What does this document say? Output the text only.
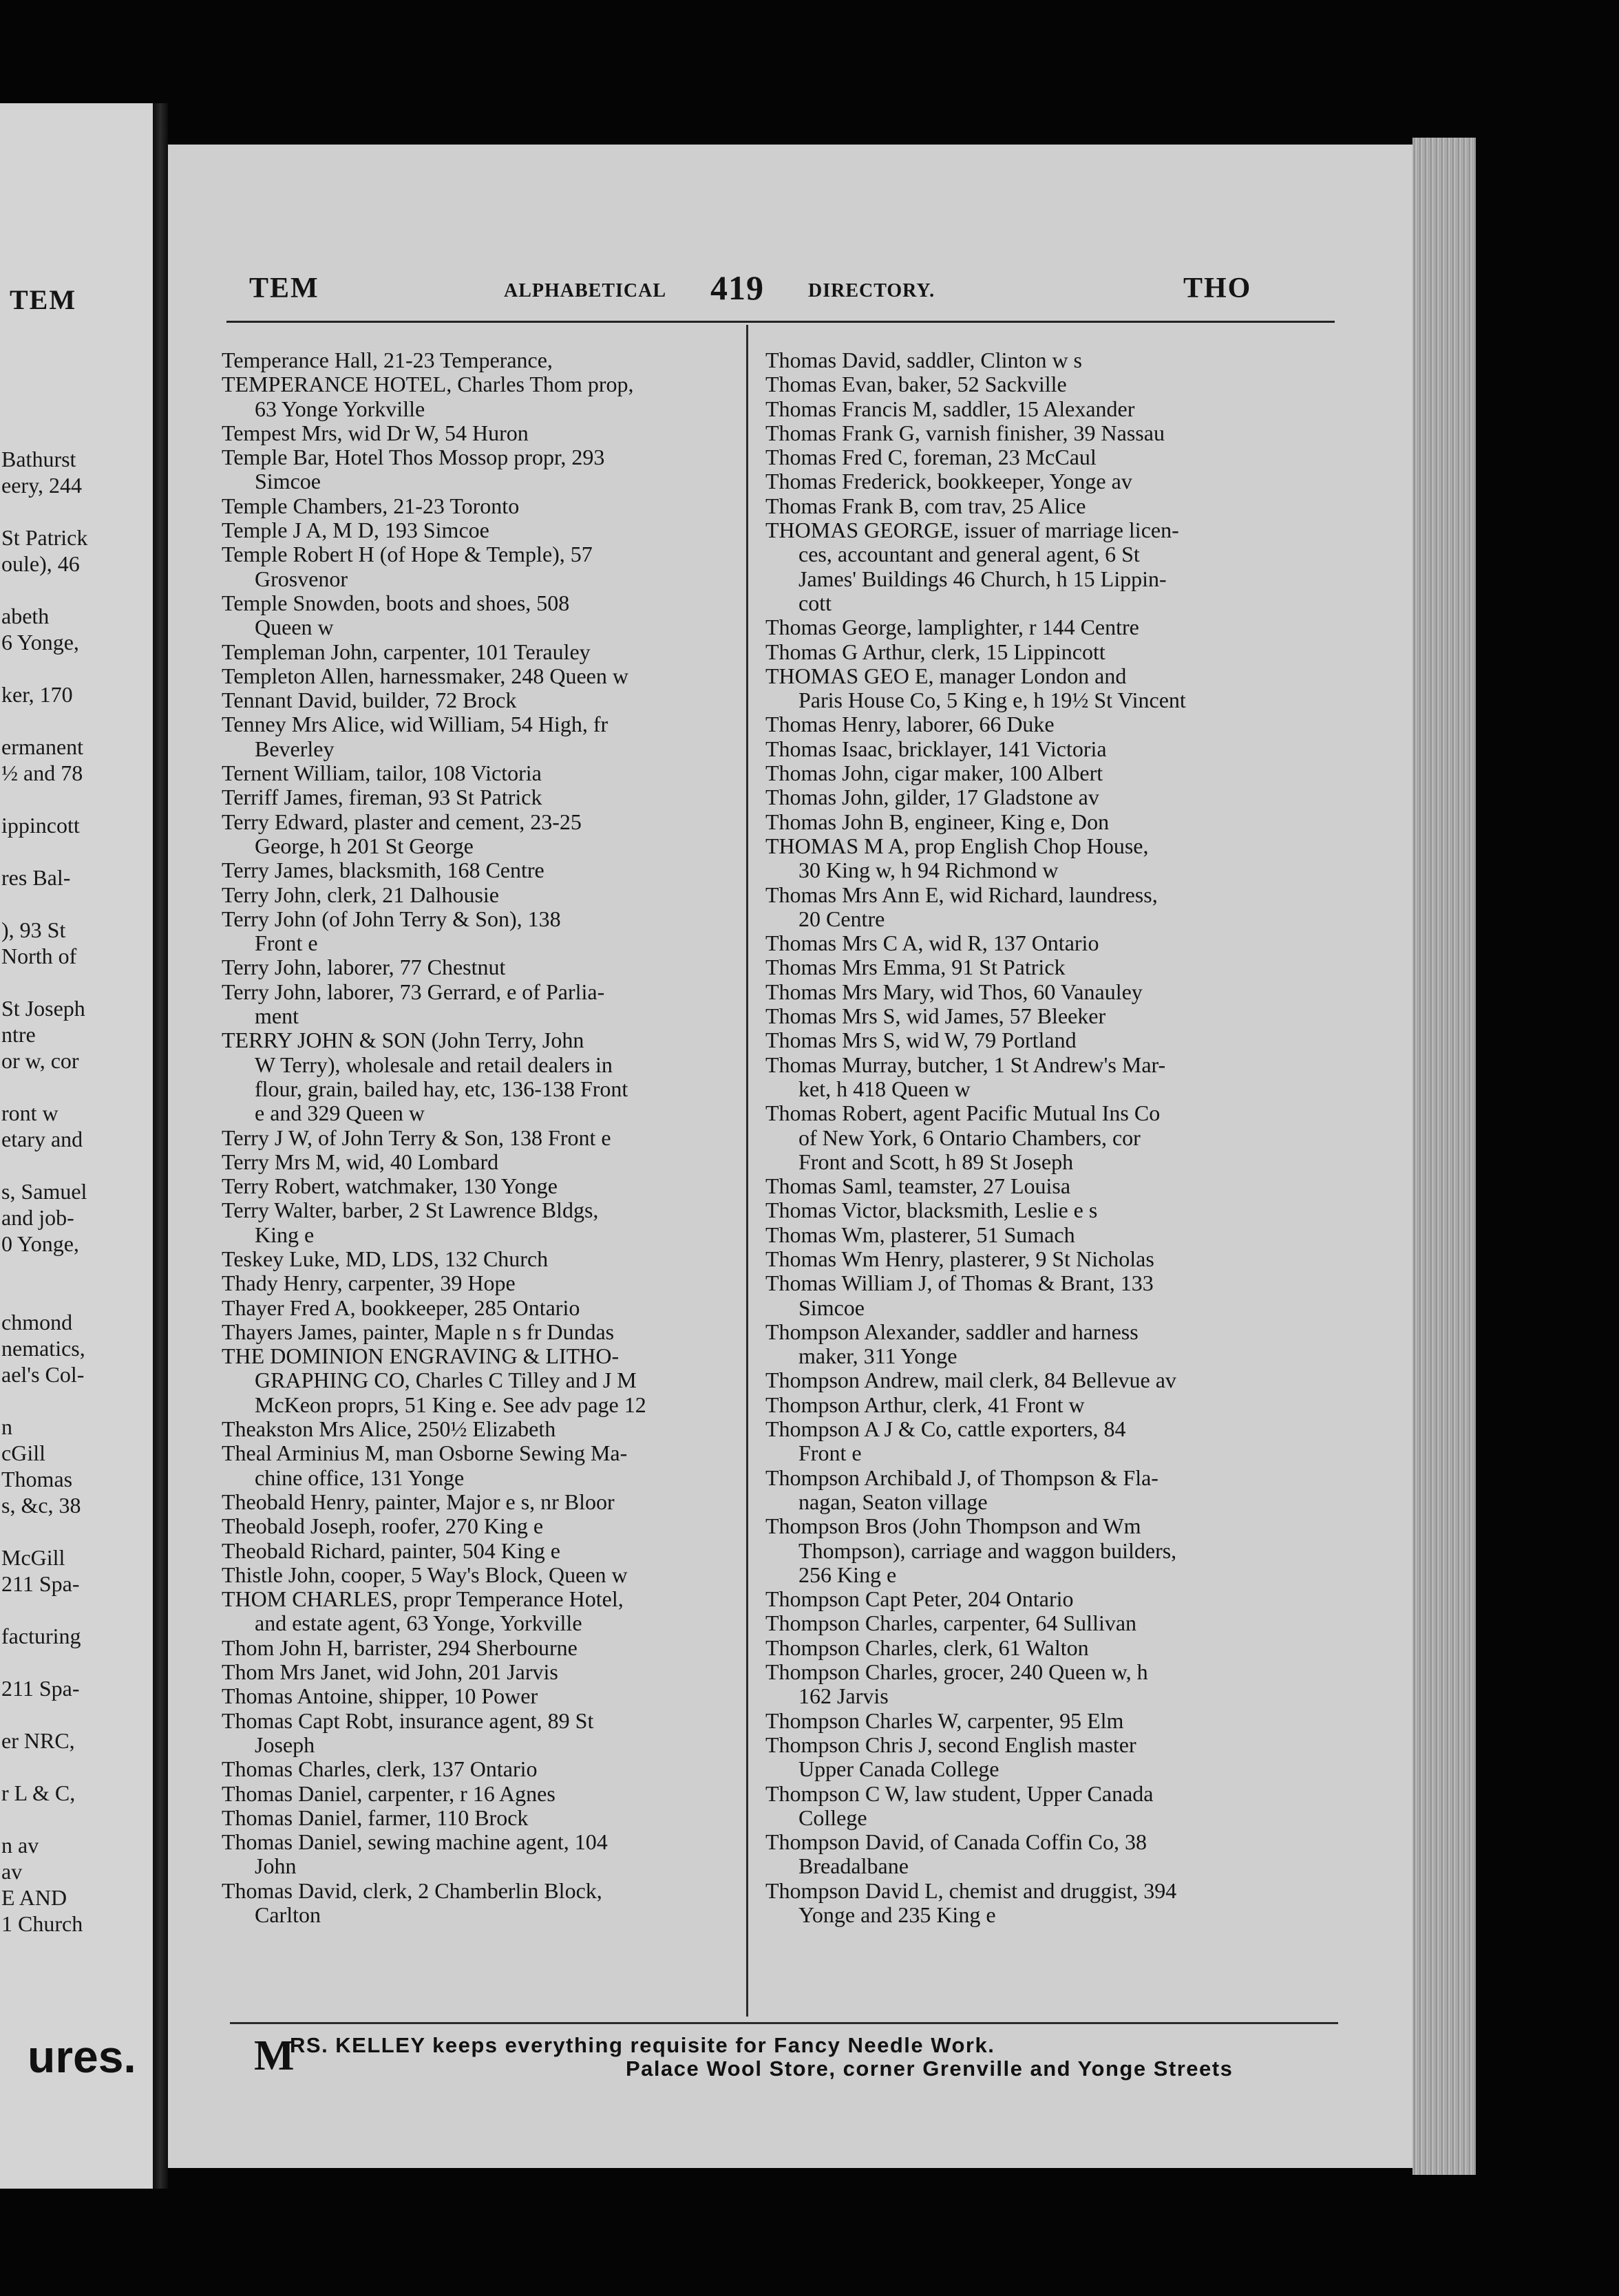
TEM
Bathurst
eery, 244
St Patrick
oule), 46
abeth
6 Yonge,
ker, 170
ermanent
½ and 78
ippincott
res Bal-
), 93 St
North of
St Joseph
ntre
or w, cor
ront w
etary and
s, Samuel
and job-
0 Yonge,
chmond
nematics,
ael's Col-
n
cGill
Thomas
s, &c, 38
McGill
211 Spa-
facturing
211 Spa-
er NRC,
r L & C,
n av
av
E AND
1 Church
ures.
TEM	ALPHABETICAL 419 DIRECTORY.	THO
Temperance Hall, 21-23 Temperance,
TEMPERANCE HOTEL, Charles Thom prop,
63 Yonge Yorkville
Tempest Mrs, wid Dr W, 54 Huron
Temple Bar, Hotel Thos Mossop propr, 293
Simcoe
Temple Chambers, 21-23 Toronto
Temple J A, M D, 193 Simcoe
Temple Robert H (of Hope & Temple), 57
Grosvenor
Temple Snowden, boots and shoes, 508
Queen w
Templeman John, carpenter, 101 Terauley
Templeton Allen, harnessmaker, 248 Queen w
Tennant David, builder, 72 Brock
Tenney Mrs Alice, wid William, 54 High, fr
Beverley
Ternent William, tailor, 108 Victoria
Terriff James, fireman, 93 St Patrick
Terry Edward, plaster and cement, 23-25
George, h 201 St George
Terry James, blacksmith, 168 Centre
Terry John, clerk, 21 Dalhousie
Terry John (of John Terry & Son), 138
Front e
Terry John, laborer, 77 Chestnut
Terry John, laborer, 73 Gerrard, e of Parlia-
ment
TERRY JOHN & SON (John Terry, John
W Terry), wholesale and retail dealers in
flour, grain, bailed hay, etc, 136-138 Front
e and 329 Queen w
Terry J W, of John Terry & Son, 138 Front e
Terry Mrs M, wid, 40 Lombard
Terry Robert, watchmaker, 130 Yonge
Terry Walter, barber, 2 St Lawrence Bldgs,
King e
Teskey Luke, MD, LDS, 132 Church
Thady Henry, carpenter, 39 Hope
Thayer Fred A, bookkeeper, 285 Ontario
Thayers James, painter, Maple n s fr Dundas
THE DOMINION ENGRAVING & LITHO-
GRAPHING CO, Charles C Tilley and J M
McKeon proprs, 51 King e. See adv page 12
Theakston Mrs Alice, 250½ Elizabeth
Theal Arminius M, man Osborne Sewing Ma-
chine office, 131 Yonge
Theobald Henry, painter, Major e s, nr Bloor
Theobald Joseph, roofer, 270 King e
Theobald Richard, painter, 504 King e
Thistle John, cooper, 5 Way's Block, Queen w
THOM CHARLES, propr Temperance Hotel,
and estate agent, 63 Yonge, Yorkville
Thom John H, barrister, 294 Sherbourne
Thom Mrs Janet, wid John, 201 Jarvis
Thomas Antoine, shipper, 10 Power
Thomas Capt Robt, insurance agent, 89 St
Joseph
Thomas Charles, clerk, 137 Ontario
Thomas Daniel, carpenter, r 16 Agnes
Thomas Daniel, farmer, 110 Brock
Thomas Daniel, sewing machine agent, 104
John
Thomas David, clerk, 2 Chamberlin Block,
Carlton
Thomas David, saddler, Clinton w s
Thomas Evan, baker, 52 Sackville
Thomas Francis M, saddler, 15 Alexander
Thomas Frank G, varnish finisher, 39 Nassau
Thomas Fred C, foreman, 23 McCaul
Thomas Frederick, bookkeeper, Yonge av
Thomas Frank B, com trav, 25 Alice
THOMAS GEORGE, issuer of marriage licen-
ces, accountant and general agent, 6 St
James' Buildings 46 Church, h 15 Lippin-
cott
Thomas George, lamplighter, r 144 Centre
Thomas G Arthur, clerk, 15 Lippincott
THOMAS GEO E, manager London and
Paris House Co, 5 King e, h 19½ St Vincent
Thomas Henry, laborer, 66 Duke
Thomas Isaac, bricklayer, 141 Victoria
Thomas John, cigar maker, 100 Albert
Thomas John, gilder, 17 Gladstone av
Thomas John B, engineer, King e, Don
THOMAS M A, prop English Chop House,
30 King w, h 94 Richmond w
Thomas Mrs Ann E, wid Richard, laundress,
20 Centre
Thomas Mrs C A, wid R, 137 Ontario
Thomas Mrs Emma, 91 St Patrick
Thomas Mrs Mary, wid Thos, 60 Vanauley
Thomas Mrs S, wid James, 57 Bleeker
Thomas Mrs S, wid W, 79 Portland
Thomas Murray, butcher, 1 St Andrew's Mar-
ket, h 418 Queen w
Thomas Robert, agent Pacific Mutual Ins Co
of New York, 6 Ontario Chambers, cor
Front and Scott, h 89 St Joseph
Thomas Saml, teamster, 27 Louisa
Thomas Victor, blacksmith, Leslie e s
Thomas Wm, plasterer, 51 Sumach
Thomas Wm Henry, plasterer, 9 St Nicholas
Thomas William J, of Thomas & Brant, 133
Simcoe
Thompson Alexander, saddler and harness
maker, 311 Yonge
Thompson Andrew, mail clerk, 84 Bellevue av
Thompson Arthur, clerk, 41 Front w
Thompson A J & Co, cattle exporters, 84
Front e
Thompson Archibald J, of Thompson & Fla-
nagan, Seaton village
Thompson Bros (John Thompson and Wm
Thompson), carriage and waggon builders,
256 King e
Thompson Capt Peter, 204 Ontario
Thompson Charles, carpenter, 64 Sullivan
Thompson Charles, clerk, 61 Walton
Thompson Charles, grocer, 240 Queen w, h
162 Jarvis
Thompson Charles W, carpenter, 95 Elm
Thompson Chris J, second English master
Upper Canada College
Thompson C W, law student, Upper Canada
College
Thompson David, of Canada Coffin Co, 38
Breadalbane
Thompson David L, chemist and druggist, 394
Yonge and 235 King e
M
RS. KELLEY keeps everything requisite for Fancy Needle Work.
Palace Wool Store, corner Grenville and Yonge Streets
